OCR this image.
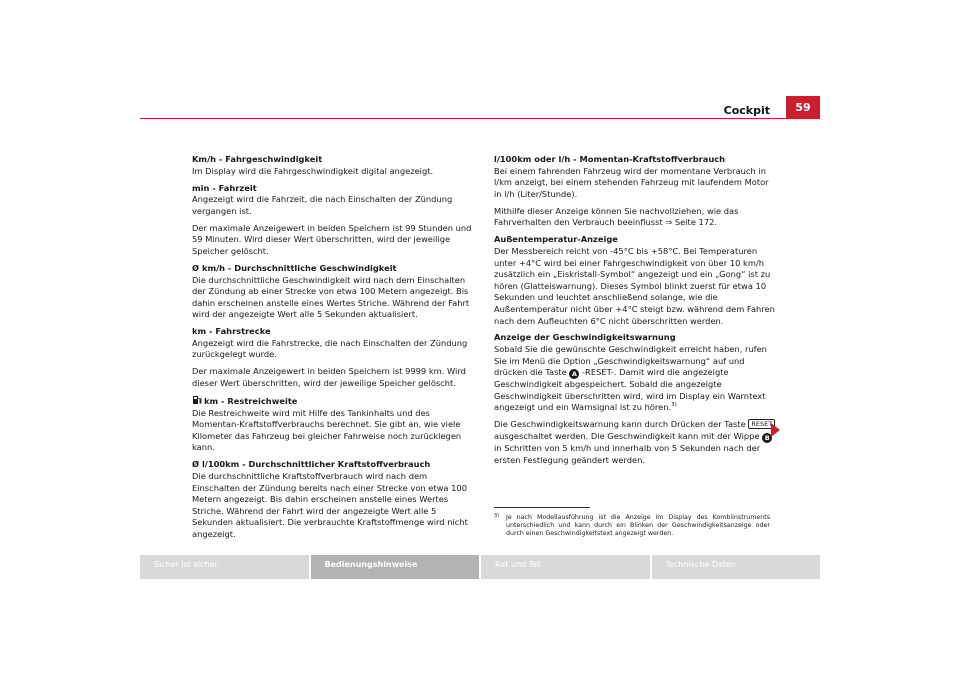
Cockpit	59
Km/h - Fahrgeschwindigkeit

Im Display wird die Fahrgeschwindigkeit digital angezeigt.

min - Fahrzeit

Angezeigt wird die Fahrzeit, die nach Einschalten der Zündung vergangen ist.

Der maximale Anzeigewert in beiden Speichern ist 99 Stunden und 59 Minuten. Wird dieser Wert überschritten, wird der jeweilige Speicher gelöscht.

Ø km/h - Durchschnittliche Geschwindigkeit

Die durchschnittliche Geschwindigkeit wird nach dem Einschalten der Zündung ab einer Strecke von etwa 100 Metern angezeigt. Bis dahin erscheinen anstelle eines Wertes Striche. Während der Fahrt wird der angezeigte Wert alle 5 Sekunden aktualisiert.

km - Fahrstrecke

Angezeigt wird die Fahrstrecke, die nach Einschalten der Zündung zurückgelegt wurde.

Der maximale Anzeigewert in beiden Speichern ist 9999 km. Wird dieser Wert überschritten, wird der jeweilige Speicher gelöscht.

km - Restreichweite

Die Restreichweite wird mit Hilfe des Tankinhalts und des Momentan-Kraftstoffverbrauchs berechnet. Sie gibt an, wie viele Kilometer das Fahrzeug bei gleicher Fahrweise noch zurücklegen kann.

Ø l/100km - Durchschnittlicher Kraftstoffverbrauch

Die durchschnittliche Kraftstoffverbrauch wird nach dem Einschalten der Zündung bereits nach einer Strecke von etwa 100 Metern angezeigt. Bis dahin erscheinen anstelle eines Wertes Striche. Während der Fahrt wird der angezeigte Wert alle 5 Sekunden aktualisiert. Die verbrauchte Kraftstoffmenge wird nicht angezeigt.

l/100km oder l/h - Momentan-Kraftstoffverbrauch

Bei einem fahrenden Fahrzeug wird der momentane Verbrauch in l/km anzeigt, bei einem stehenden Fahrzeug mit laufendem Motor in l/h (Liter/Stunde).

Mithilfe dieser Anzeige können Sie nachvollziehen, wie das Fahrverhalten den Verbrauch beeinflusst ⇒ Seite 172.

Außentemperatur-Anzeige

Der Messbereich reicht von -45°C bis +58°C. Bei Temperaturen unter +4°C wird bei einer Fahrgeschwindigkeit von über 10 km/h zusätzlich ein „Eiskristall-Symbol“ angezeigt und ein „Gong“ ist zu hören (Glatteiswarnung). Dieses Symbol blinkt zuerst für etwa 10 Sekunden und leuchtet anschließend solange, wie die Außentemperatur nicht über +4°C steigt bzw. während dem Fahren nach dem Aufleuchten 6°C nicht überschritten werden.

Anzeige der Geschwindigkeitswarnung

Sobald Sie die gewünschte Geschwindigkeit erreicht haben, rufen Sie im Menü die Option „Geschwindigkeitswarnung“ auf und drücken die Taste A -RESET-. Damit wird die angezeigte Geschwindigkeit abgespeichert. Sobald die angezeigte Geschwindigkeit überschritten wird, wird im Display ein Warntext angezeigt und ein Warnsignal ist zu hören.$^{3)}$

Die Geschwindigkeitswarnung kann durch Drücken der Taste RESET ausgeschaltet werden. Die Geschwindigkeit kann mit der Wippe B in Schritten von 5 km/h und innerhalb von 5 Sekunden nach der ersten Festlegung geändert werden.

3)	Je nach Modellausführung ist die Anzeige im Display des Kombiinstruments unterschiedlich und kann durch ein Blinken der Geschwindigkeitsanzeige oder durch einen Geschwindigkeitstext angezeigt werden.
Sicher ist sicher	Bedienungshinweise	Rat und Tat	Technische Daten
